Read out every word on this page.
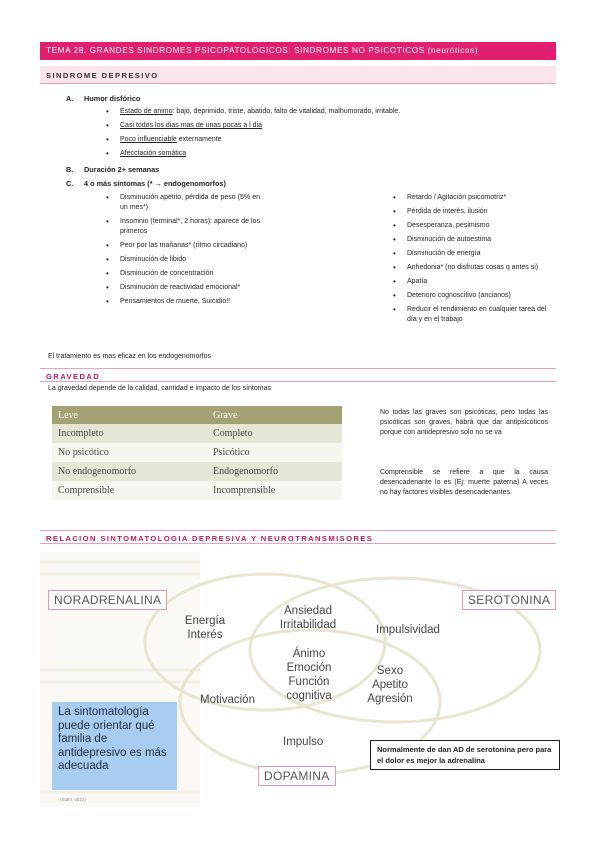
TEMA 28. GRANDES SINDROMES PSICOPATOLOGICOS: SINDROMES NO PSICOTICOS (neuróticos)
SINDROME DEPRESIVO
A. Humor disfórico
• Estado de animo: bajo, deprimido, triste, abatido, falto de vitalidad, malhumorado, irritable.
• Casi todos los dias mas de unas pocas a l dia
• Poco influenciable externamente
• Afecctación somática
B. Duración 2+ semanas
C. 4 o más síntomas (* → endogenomorfos)
• Disminución apetito, pérdida de peso (5% en un mes*)
• Insomnio (terminal*, 2 horas): aparece de los primeros
• Peor por las mañanas* (ritmo circadiano)
• Disminución de libido
• Disminución de concentración
• Disminución de reactividad emocional*
• Pensamientos de muerte, Suicidio!!
• Retardo / Agitación psicomotriz*
• Pérdida de interés, ilusión
• Desesperanza, pesimismo
• Disminución de autoestima
• Disminución de energía
• Anhedonia* (no disfrutas cosas q antes si)
• Apatía
• Deterioro cognoscitivo (ancianos)
• Reducir el rendimiento en cualquier tarea del día y en el trabajo
El tratamiento es mas eficaz en los endogenomorfos
GRAVEDAD
La gravedad depende de la calidad, cantidad e impacto de los síntomas
Leve	Grave
Incompleto	Completo
No psicótico	Psicótico
No endogenomorfo	Endogenomorfo
Comprensible	Incomprensible
No todas las graves son psicóticas, pero todas las psicóticas son graves, habrá que dar antipsicóticos porque con antidepresivo solo no se va
Comprensible se refiere a que la causa desencadenante lo es (Ej: muerte paterna) A veces no hay factores visibles desencadenantes.
RELACION SINTOMATOLOGIA DEPRESIVA Y NEUROTRANSMISORES
NORADRENALINA	SEROTONINA
DOPAMINA
Energía
Interés
Ansiedad
Irritabilidad	Impulsividad
Ánimo
Emoción
Función
cognitiva
Sexo
Apetito
Agresión
Motivación
Impulso
La sintomatología puede orientar qué familia de antidepresivo es más adecuada
(Stahl, 2013)
Normalmente de dan AD de serotonina pero para el dolor es mejor la adrenalina
